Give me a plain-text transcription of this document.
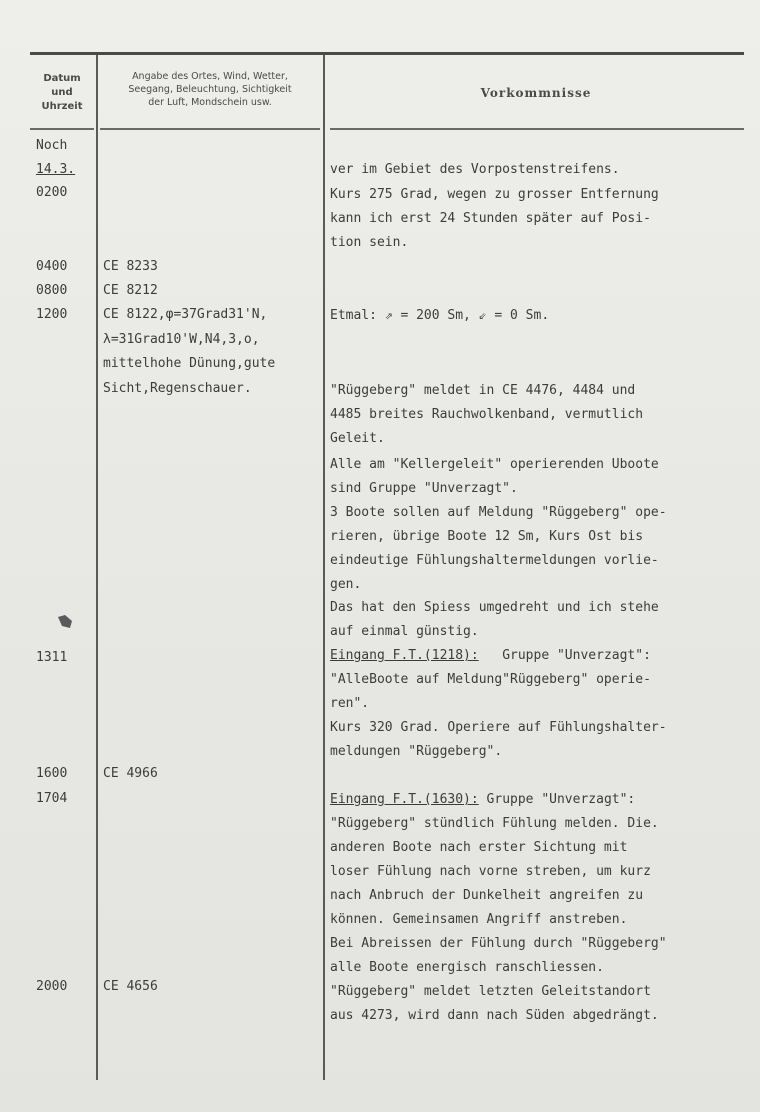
Datum
und
Uhrzeit
Angabe des Ortes, Wind, Wetter,
Seegang, Beleuchtung, Sichtigkeit
der Luft, Mondschein usw.
Vorkommnisse
Noch
14.3.
0200
0400
0800
1200
1311
1600
1704
2000
CE 8233
CE 8212
CE 8122,φ=37Grad31'N,
λ=31Grad10'W,N4,3,o,
mittelhohe Dünung,gute
Sicht,Regenschauer.
CE 4966
CE 4656
ver im Gebiet des Vorpostenstreifens.
Kurs 275 Grad, wegen zu grosser Entfernung
kann ich erst 24 Stunden später auf Posi-
tion sein.
Etmal: ⇗ = 200 Sm, ⇙ = 0 Sm.
"Rüggeberg" meldet in CE 4476, 4484 und
4485 breites Rauchwolkenband, vermutlich
Geleit.
Alle am "Kellergeleit" operierenden Uboote
sind Gruppe "Unverzagt".
3 Boote sollen auf Meldung "Rüggeberg" ope-
rieren, übrige Boote 12 Sm, Kurs Ost bis
eindeutige Fühlungshaltermeldungen vorlie-
gen.
Das hat den Spiess umgedreht und ich stehe
auf einmal günstig.
Eingang F.T.(1218):   Gruppe "Unverzagt":
"AlleBoote auf Meldung"Rüggeberg" operie-
ren".
Kurs 320 Grad. Operiere auf Fühlungshalter-
meldungen "Rüggeberg".
Eingang F.T.(1630): Gruppe "Unverzagt":
"Rüggeberg" stündlich Fühlung melden. Die.
anderen Boote nach erster Sichtung mit
loser Fühlung nach vorne streben, um kurz
nach Anbruch der Dunkelheit angreifen zu
können. Gemeinsamen Angriff anstreben.
Bei Abreissen der Fühlung durch "Rüggeberg"
alle Boote energisch ranschliessen.
"Rüggeberg" meldet letzten Geleitstandort
aus 4273, wird dann nach Süden abgedrängt.
